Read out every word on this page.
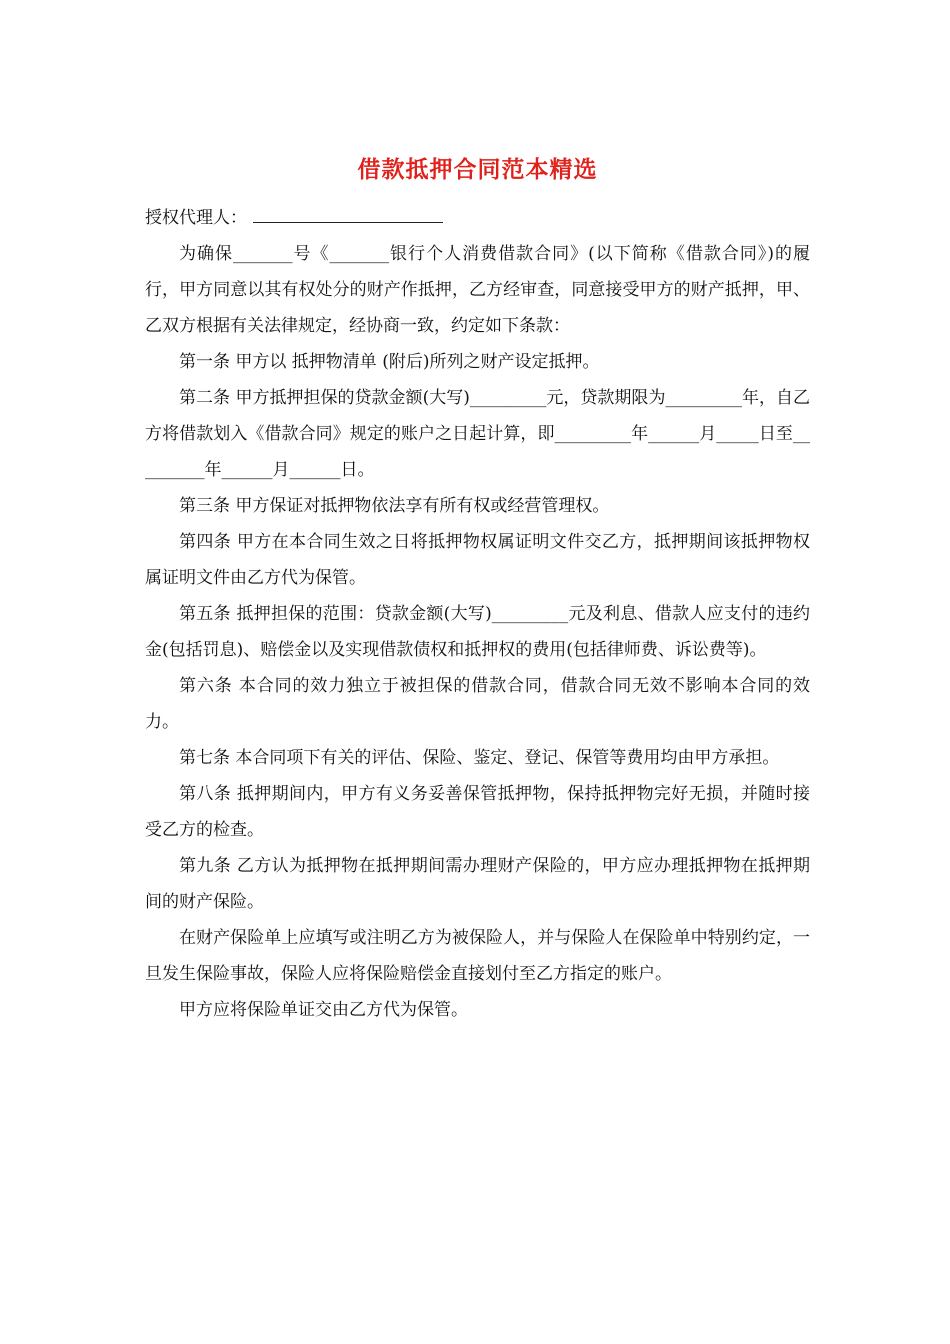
借款抵押合同范本精选
授权代理人：

为确保_______号《_______银行个人消费借款合同》(以下简称《借款合同》)的履行，甲方同意以其有权处分的财产作抵押，乙方经审查，同意接受甲方的财产抵押，甲、乙双方根据有关法律规定，经协商一致，约定如下条款：

第一条 甲方以 抵押物清单 (附后)所列之财产设定抵押。

第二条 甲方抵押担保的贷款金额(大写)_________元，贷款期限为_________年，自乙方将借款划入《借款合同》规定的账户之日起计算，即_________年______月_____日至_________年______月______日。

第三条 甲方保证对抵押物依法享有所有权或经营管理权。

第四条 甲方在本合同生效之日将抵押物权属证明文件交乙方，抵押期间该抵押物权属证明文件由乙方代为保管。

第五条 抵押担保的范围：贷款金额(大写)_________元及利息、借款人应支付的违约金(包括罚息)、赔偿金以及实现借款债权和抵押权的费用(包括律师费、诉讼费等)。

第六条 本合同的效力独立于被担保的借款合同，借款合同无效不影响本合同的效力。

第七条 本合同项下有关的评估、保险、鉴定、登记、保管等费用均由甲方承担。

第八条 抵押期间内，甲方有义务妥善保管抵押物，保持抵押物完好无损，并随时接受乙方的检查。

第九条 乙方认为抵押物在抵押期间需办理财产保险的，甲方应办理抵押物在抵押期间的财产保险。

在财产保险单上应填写或注明乙方为被保险人，并与保险人在保险单中特别约定，一旦发生保险事故，保险人应将保险赔偿金直接划付至乙方指定的账户。

甲方应将保险单证交由乙方代为保管。
